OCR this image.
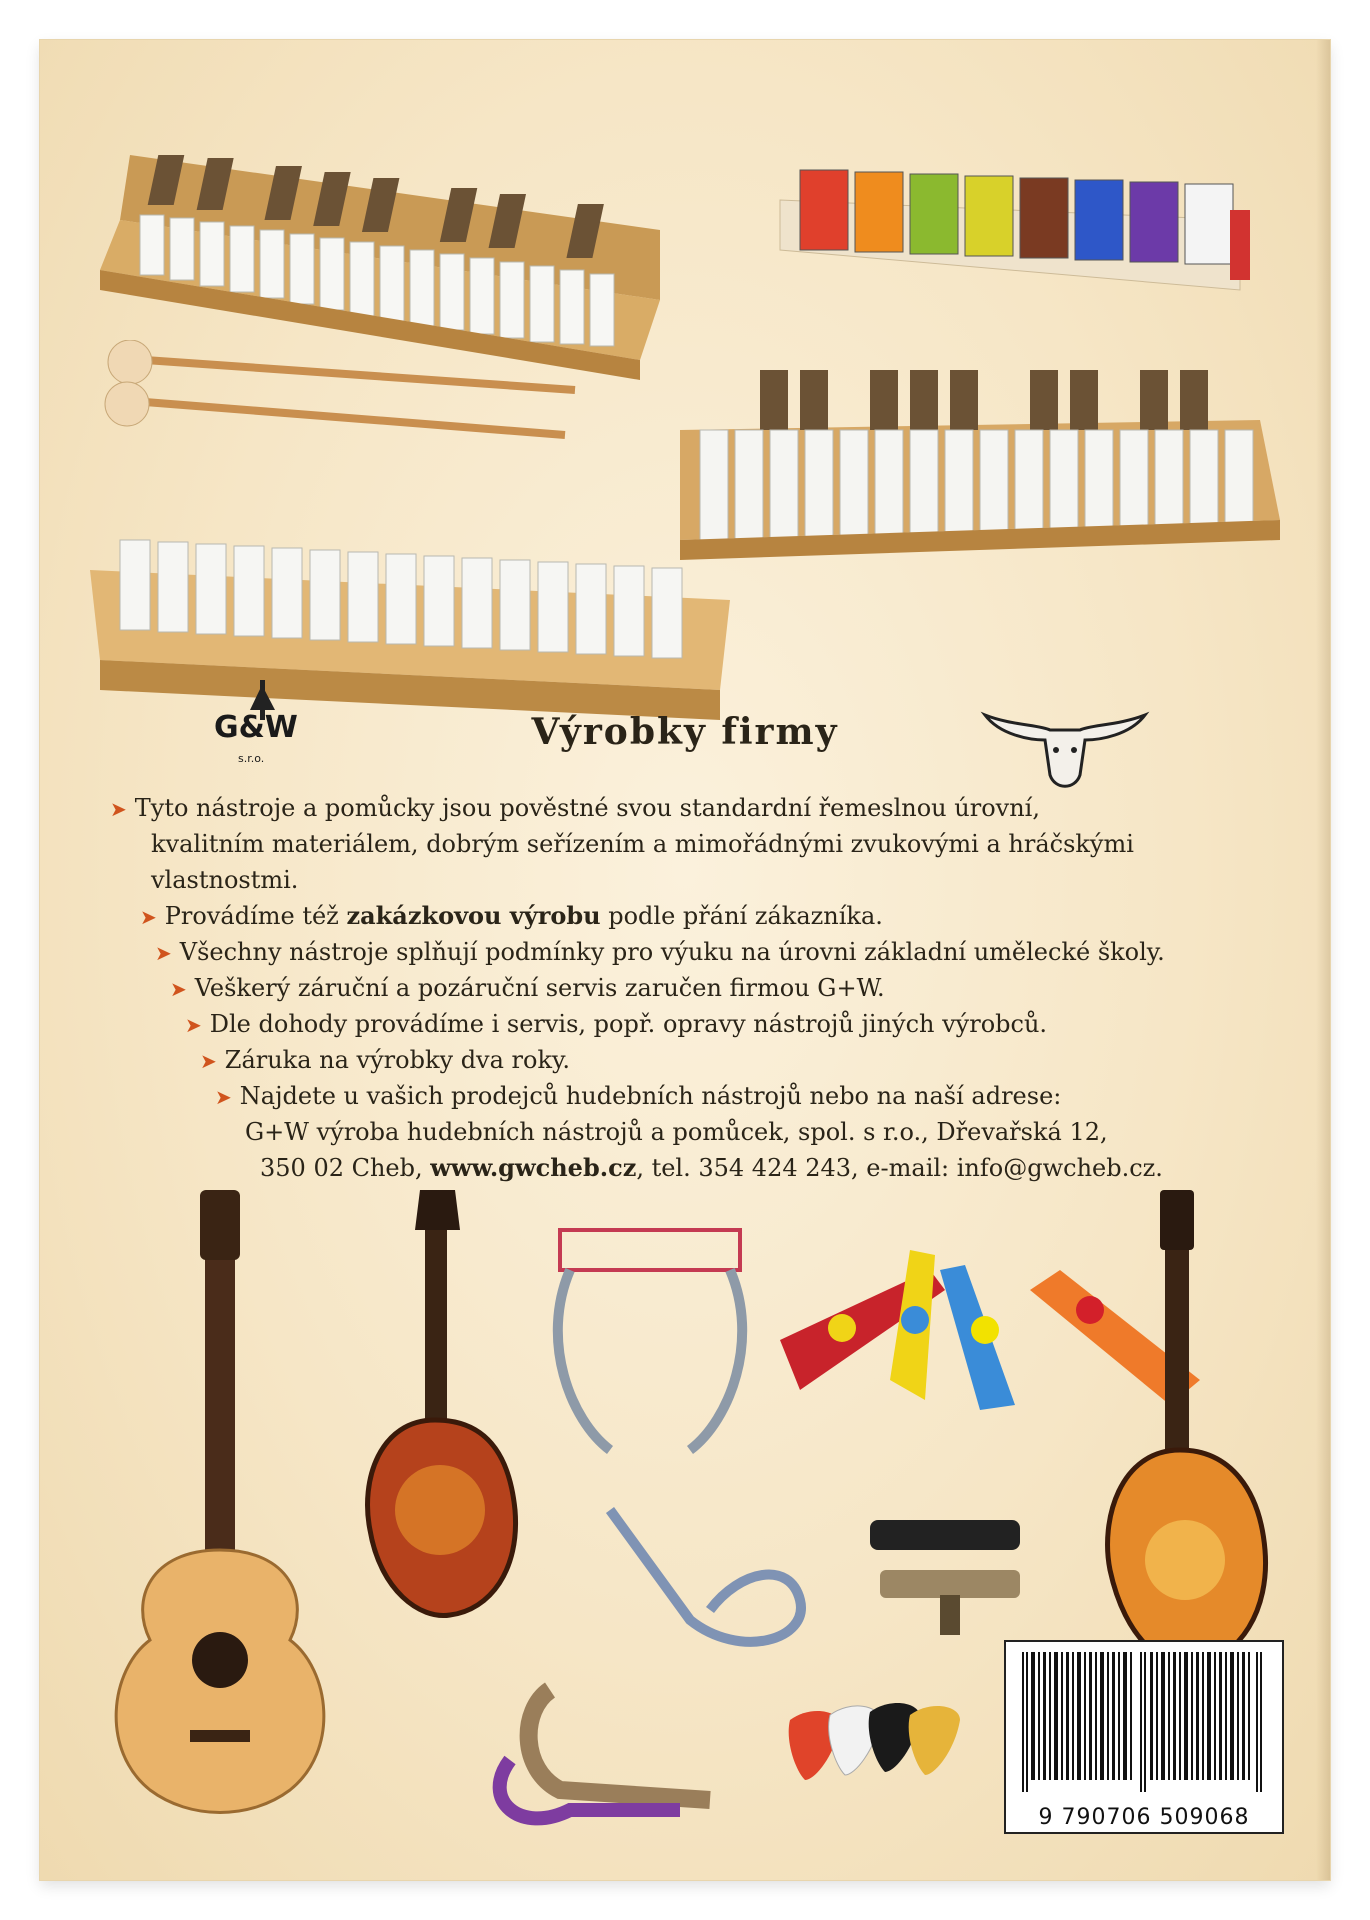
G&W
s.r.o.
Výrobky firmy
➤ Tyto nástroje a pomůcky jsou pověstné svou standardní řemeslnou úrovní,
kvalitním materiálem, dobrým seřízením a mimořádnými zvukovými a hráčskými
vlastnostmi.
➤ Provádíme též zakázkovou výrobu podle přání zákazníka.
➤ Všechny nástroje splňují podmínky pro výuku na úrovni základní umělecké školy.
➤ Veškerý záruční a pozáruční servis zaručen firmou G+W.
➤ Dle dohody provádíme i servis, popř. opravy nástrojů jiných výrobců.
➤ Záruka na výrobky dva roky.
➤ Najdete u vašich prodejců hudebních nástrojů nebo na naší adrese:
G+W výroba hudebních nástrojů a pomůcek, spol. s r.o., Dřevařská 12,
350 02 Cheb, www.gwcheb.cz, tel. 354 424 243, e-mail: info@gwcheb.cz.
9 790706 509068
